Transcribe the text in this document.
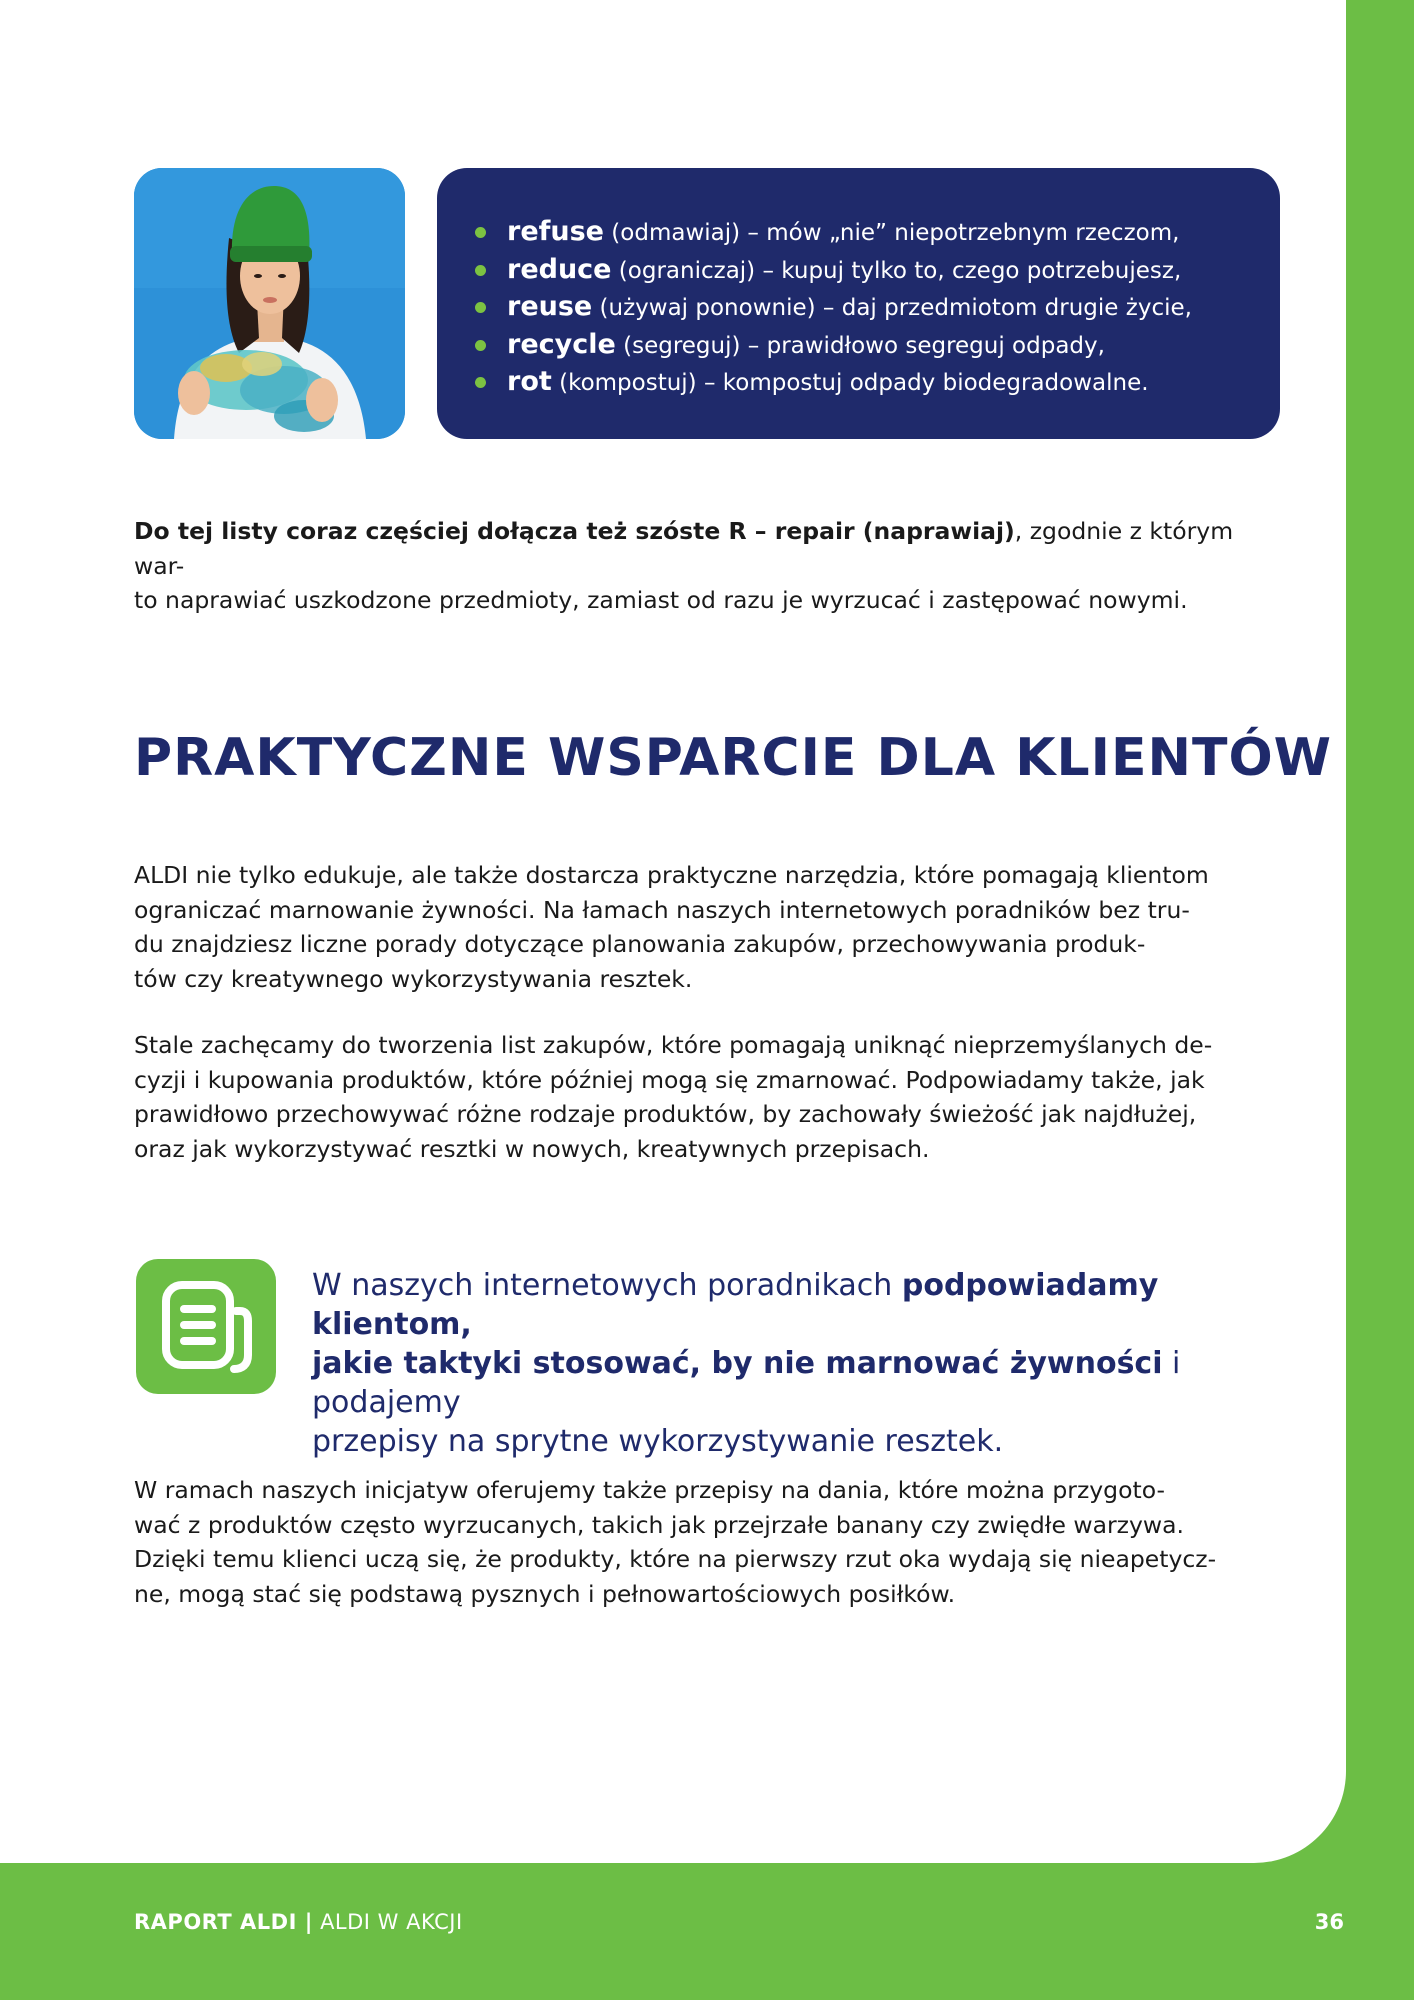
refuse (odmawiaj) – mów „nie” niepotrzebnym rzeczom,
reduce (ograniczaj) – kupuj tylko to, czego potrzebujesz,
reuse (używaj ponownie) – daj przedmiotom drugie życie,
recycle (segreguj) – prawidłowo segreguj odpady,
rot (kompostuj) – kompostuj odpady biodegradowalne.
Do tej listy coraz częściej dołącza też szóste R – repair (naprawiaj), zgodnie z którym war-
to naprawiać uszkodzone przedmioty, zamiast od razu je wyrzucać i zastępować nowymi.
PRAKTYCZNE WSPARCIE DLA KLIENTÓW
ALDI nie tylko edukuje, ale także dostarcza praktyczne narzędzia, które pomagają klientom
ograniczać marnowanie żywności. Na łamach naszych internetowych poradników bez tru-
du znajdziesz liczne porady dotyczące planowania zakupów, przechowywania produk-
tów czy kreatywnego wykorzystywania resztek.
Stale zachęcamy do tworzenia list zakupów, które pomagają uniknąć nieprzemyślanych de-
cyzji i kupowania produktów, które później mogą się zmarnować. Podpowiadamy także, jak
prawidłowo przechowywać różne rodzaje produktów, by zachowały świeżość jak najdłużej,
oraz jak wykorzystywać resztki w nowych, kreatywnych przepisach.
W naszych internetowych poradnikach podpowiadamy klientom,
jakie taktyki stosować, by nie marnować żywności i podajemy
przepisy na sprytne wykorzystywanie resztek.
W ramach naszych inicjatyw oferujemy także przepisy na dania, które można przygoto-
wać z produktów często wyrzucanych, takich jak przejrzałe banany czy zwiędłe warzywa.
Dzięki temu klienci uczą się, że produkty, które na pierwszy rzut oka wydają się nieapetycz-
ne, mogą stać się podstawą pysznych i pełnowartościowych posiłków.
RAPORT ALDI | ALDI W AKCJI	36
